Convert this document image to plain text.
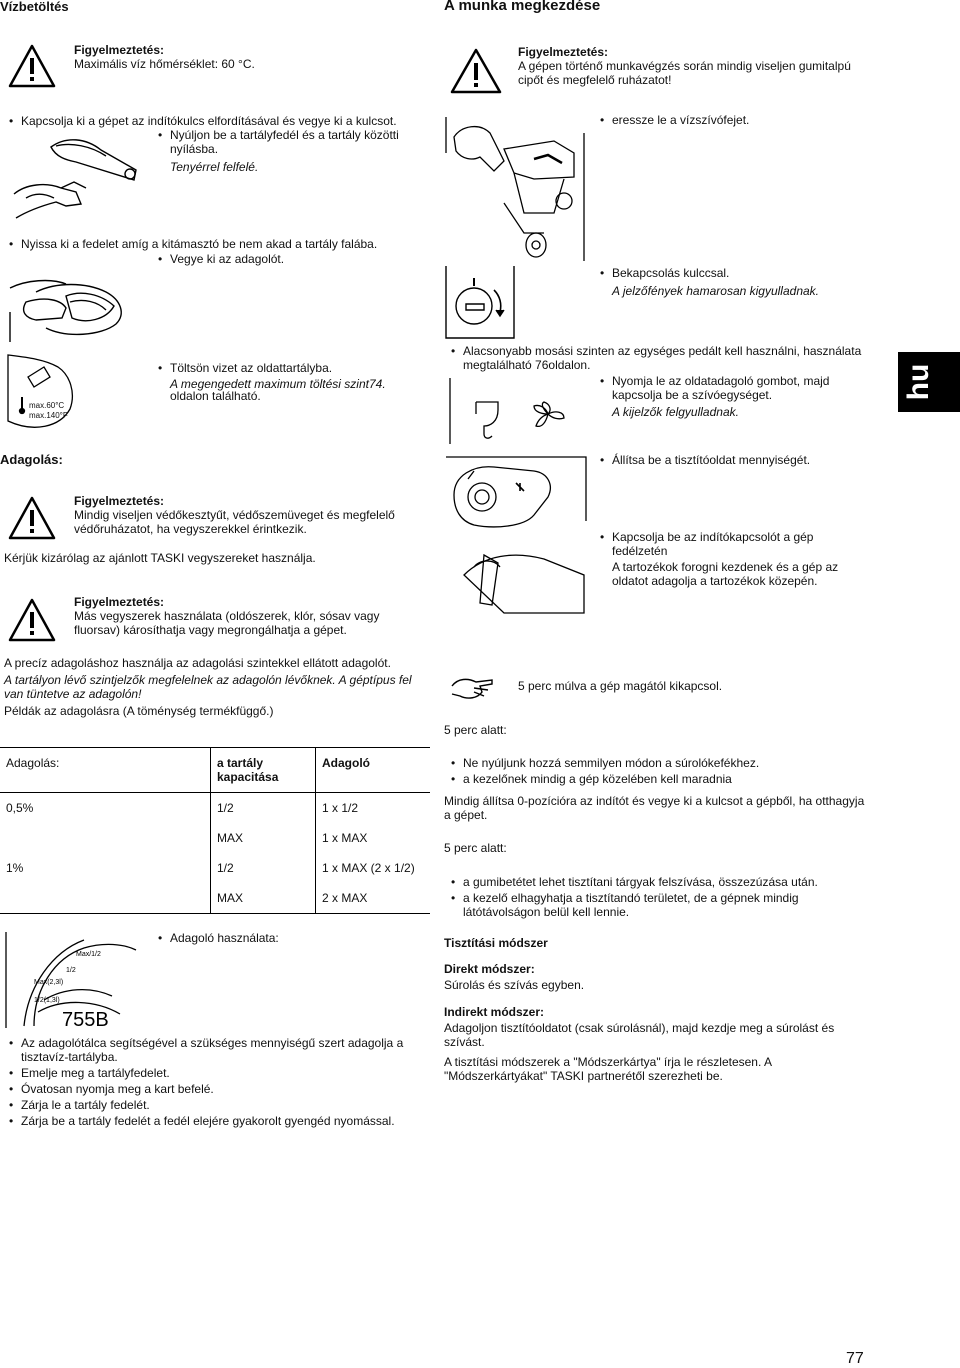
Vízbetöltés
Figyelmeztetés:
Maximális víz hőmérséklet: 60 °C.
• Kapcsolja ki a gépet az indítókulcs elfordításával és vegye ki a kulcsot.
• Nyúljon be a tartályfedél és a tartály közötti nyílásba.
Tenyérrel felfelé.
• Nyissa ki a fedelet amíg a kitámasztó be nem akad a tartály falába.
• Vegye ki az adagolót.
• Töltsön vizet az oldattartályba.
A megengedett maximum töltési szint74.
oldalon található.
max.60°C
max.140°F
Adagolás:
Figyelmeztetés:
Mindig viseljen védőkesztyűt, védőszemüveget és megfelelő védőruházatot, ha vegyszerekkel érintkezik.
Kérjük kizárólag az ajánlott TASKI vegyszereket használja.
Figyelmeztetés:
Más vegyszerek használata (oldószerek, klór, sósav vagy fluorsav) károsíthatja vagy megrongálhatja a gépet.
A precíz adagoláshoz használja az adagolási szintekkel ellátott adagolót.
A tartályon lévő szintjelzők megfelelnek az adagolón lévőknek. A géptípus fel van tüntetve az adagolón!
Példák az adagolásra (A töménység termékfüggő.)
Adagolás:	a tartály kapacitása	Adagoló
0,5%	1/2	1 x 1/2
	MAX	1 x MAX
1%	1/2	1 x MAX (2 x 1/2)
	MAX	2 x MAX
Max/1/2
1/2
Max(2,3l)
1/2(1,3l)
755B
• Adagoló használata:
• Az adagolótálca segítségével a szükséges mennyiségű szert adagolja a tisztavíz-tartályba.
• Emelje meg a tartályfedelet.
• Óvatosan nyomja meg a kart befelé.
• Zárja le a tartály fedelét.
• Zárja be a tartály fedelét a fedél elejére gyakorolt gyengéd nyomással.
A munka megkezdése
Figyelmeztetés:
A gépen történő munkavégzés során mindig viseljen gumitalpú cipőt és megfelelő ruházatot!
• eressze le a vízszívófejet.
• Bekapcsolás kulccsal.
A jelzőfények hamarosan kigyulladnak.
• Alacsonyabb mosási szinten az egységes pedált kell használni, használata megtalálható 76oldalon.
• Nyomja le az oldatadagoló gombot, majd kapcsolja be a szívóegységet.
A kijelzők felgyulladnak.
• Állítsa be a tisztítóoldat mennyiségét.
• Kapcsolja be az indítókapcsolót a gép fedélzetén
A tartozékok forogni kezdenek és a gép az oldatot adagolja a tartozékok közepén.
5 perc múlva a gép magától kikapcsol.
5 perc alatt:
• Ne nyúljunk hozzá semmilyen módon a súrolókefékhez.
• a kezelőnek mindig a gép közelében kell maradnia
Mindig állítsa 0-pozícióra az indítót és vegye ki a kulcsot a gépből, ha otthagyja a gépet.
5 perc alatt:
• a gumibetétet lehet tisztítani tárgyak felszívása, összezúzása után.
• a kezelő elhagyhatja a tisztítandó területet, de a gépnek mindig látótávolságon belül kell lennie.
Tisztítási módszer
Direkt módszer:
Súrolás és szívás egyben.
Indirekt módszer:
Adagoljon tisztítóoldatot (csak súrolásnál), majd kezdje meg a súrolást és szívást.
A tisztítási módszerek a "Módszerkártya" írja le részletesen. A "Módszerkártyákat" TASKI partnerétől szerezheti be.
hu
77
